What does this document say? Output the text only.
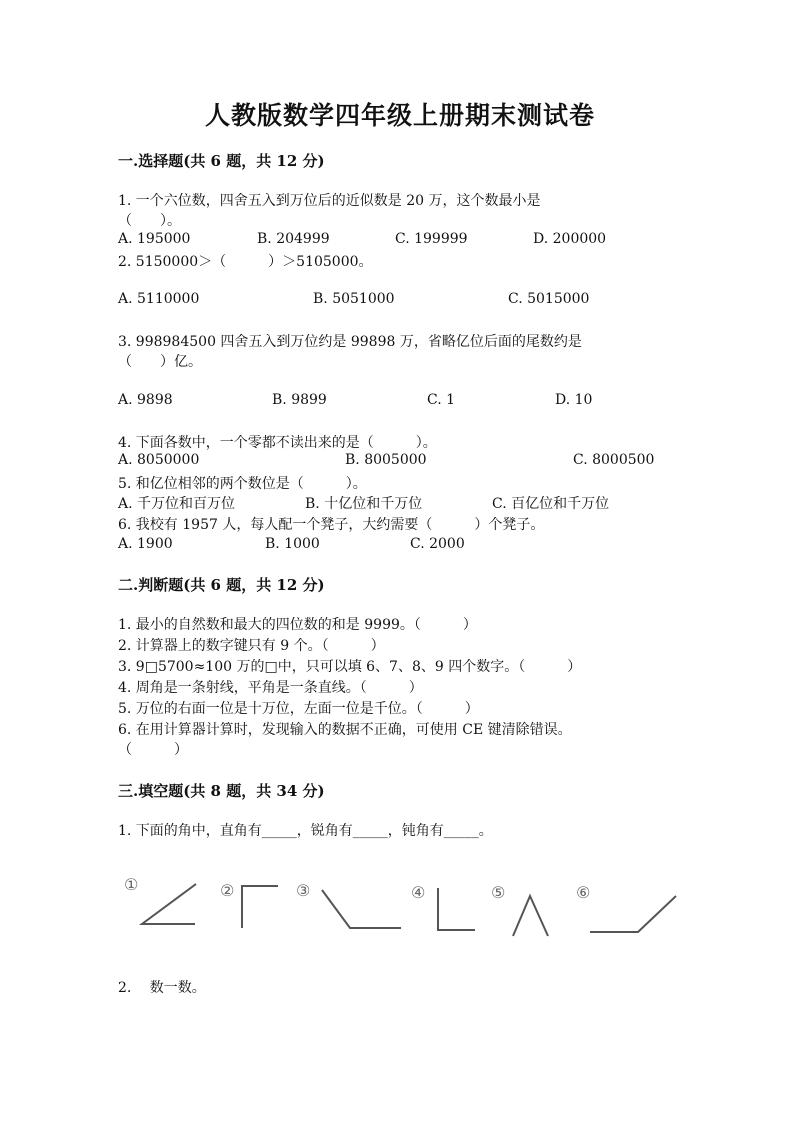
人教版数学四年级上册期末测试卷
一.选择题(共 6 题，共 12 分)
1. 一个六位数，四舍五入到万位后的近似数是 20 万，这个数最小是
（　　）。
A. 195000	B. 204999	C. 199999	D. 200000
2. 5150000＞（　　　）＞5105000。
A. 5110000	B. 5051000	C. 5015000
3. 998984500 四舍五入到万位约是 99898 万，省略亿位后面的尾数约是
（　　）亿。
A. 9898	B. 9899	C. 1	D. 10
4. 下面各数中，一个零都不读出来的是（　　　）。
A. 8050000	B. 8005000	C. 8000500
5. 和亿位相邻的两个数位是（　　　）。
A. 千万位和百万位	B. 十亿位和千万位	C. 百亿位和千万位
6. 我校有 1957 人，每人配一个凳子，大约需要（　　　）个凳子。
A. 1900	B. 1000	C. 2000
二.判断题(共 6 题，共 12 分)
1. 最小的自然数和最大的四位数的和是 9999。（　　　）
2. 计算器上的数字键只有 9 个。（　　　）
3. 9□5700≈100 万的□中，只可以填 6、7、8、9 四个数字。（　　　）
4. 周角是一条射线，平角是一条直线。（　　　）
5. 万位的右面一位是十万位，左面一位是千位。（　　　）
6. 在用计算器计算时，发现输入的数据不正确，可使用 CE 键清除错误。
（　　　）
三.填空题(共 8 题，共 34 分)
1. 下面的角中，直角有_____，锐角有_____，钝角有_____。
①	②	③	④	⑤	⑥
2.　 数一数。
